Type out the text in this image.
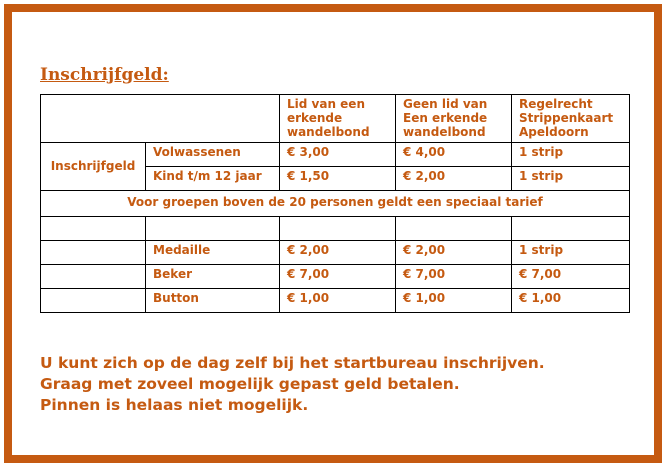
Inschrijfgeld:
		Lid van een erkende wandelbond	Geen lid van Een erkende wandelbond	Regelrecht Strippenkaart Apeldoorn
Inschrijfgeld	Volwassenen	€ 3,00	€ 4,00	1 strip
	Kind t/m 12 jaar	€ 1,50	€ 2,00	1 strip
Voor groepen boven de 20 personen geldt een speciaal tarief				

	Medaille	€ 2,00	€ 2,00	1 strip
	Beker	€ 7,00	€ 7,00	€ 7,00
	Button	€ 1,00	€ 1,00	€ 1,00
U kunt zich op de dag zelf bij het startbureau inschrijven.
Graag met zoveel mogelijk gepast geld betalen.
Pinnen is helaas niet mogelijk.
